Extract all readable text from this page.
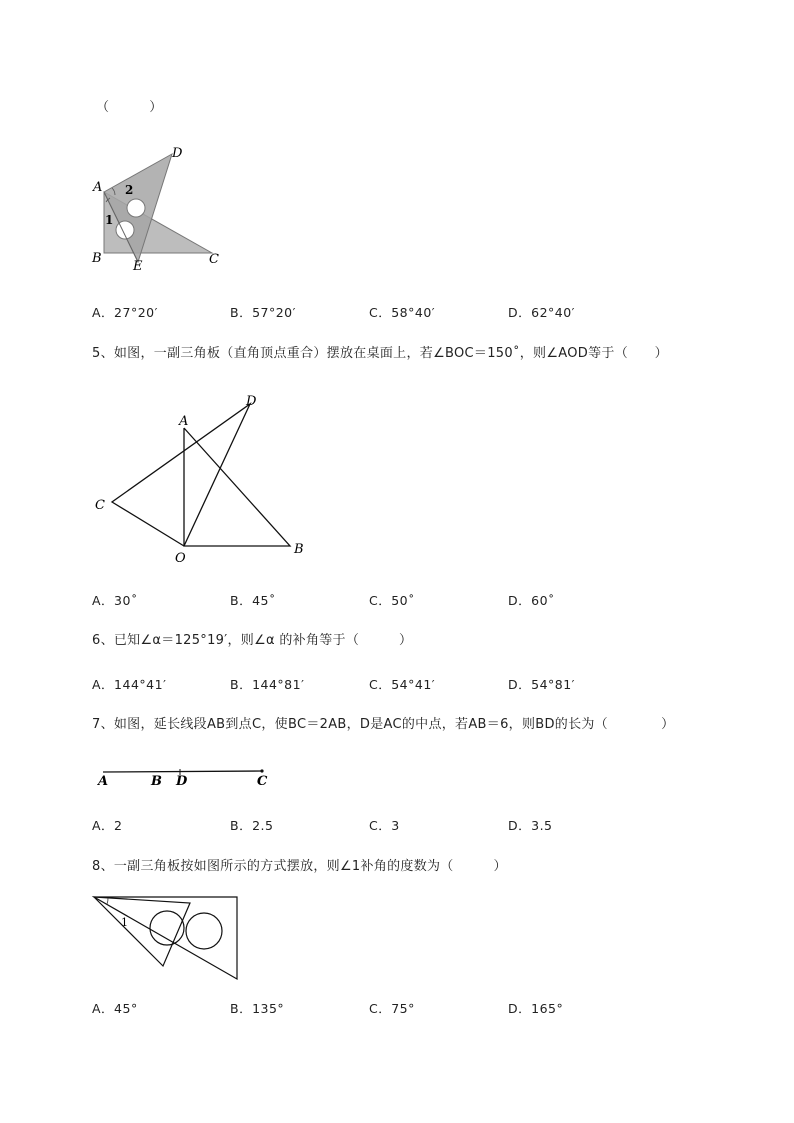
（　　　）
A
D
B
E	C
1
2
A．27°20′	B．57°20′	C．58°40′	D．62°40′
5、如图，一副三角板（直角顶点重合）摆放在桌面上，若∠BOC＝150˚，则∠AOD等于（　　）
A
D
C
O
B
A．30˚	B．45˚	C．50˚	D．60˚
6、已知∠α＝125°19′，则∠α 的补角等于（　　　）
A．144°41′	B．144°81′	C．54°41′	D．54°81′
7、如图，延长线段AB到点C，使BC＝2AB，D是AC的中点，若AB＝6，则BD的长为（　　　　）
A	B D	C
A．2	B．2.5	C．3	D．3.5
8、一副三角板按如图所示的方式摆放，则∠1补角的度数为（　　　）
1
A．45°	B．135°	C．75°	D．165°
